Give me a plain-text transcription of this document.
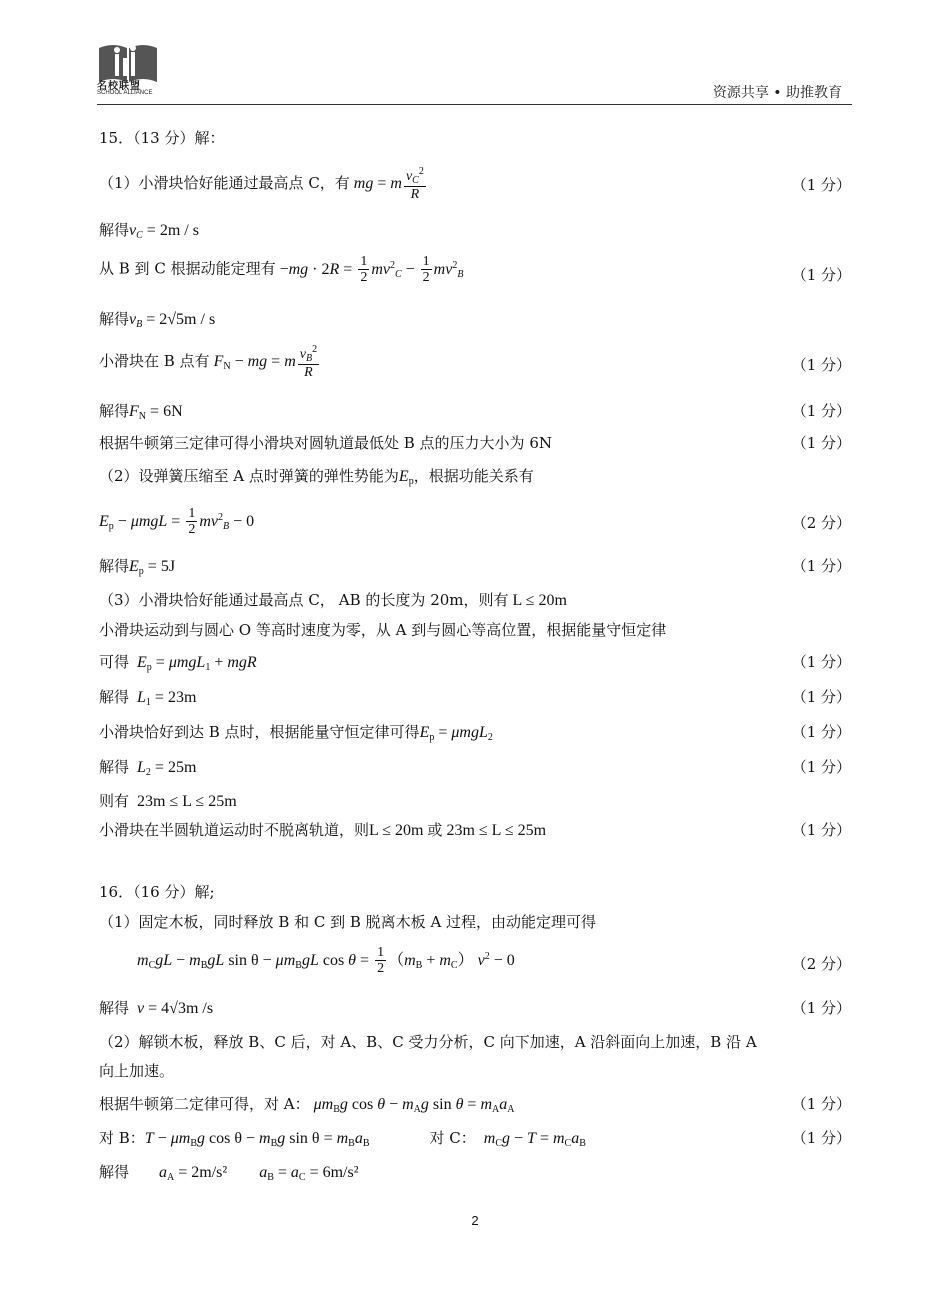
名校联盟
SCHOOL ALLIANCE	资源共享 • 助推教育
15．（13 分）解：
（1）小滑块恰好能通过最高点 C，有 mg = m $\frac{v_C^2}{R}$	（1 分）
解得$v_C = 2m / s$
从 B 到 C 根据动能定理有 $-mg \cdot 2R = \frac{1}{2} mv^2_C - \frac{1}{2} mv^2_B$	（1 分）
解得$v_B = 2√5m / s$
小滑块在 B 点有 $F_N$ − mg = m $\frac{v_B^2}{R}$	（1 分）
解得$F_N = 6N$	（1 分）
根据牛顿第三定律可得小滑块对圆轨道最低处 B 点的压力大小为 6N	（1 分）
（2）设弹簧压缩至 A 点时弹簧的弹性势能为$E_p$，根据功能关系有
$E_p - \mu mgL = \frac{1}{2} mv^2_B - 0$	（2 分）
解得$E_p = 5J$	（1 分）
（3）小滑块恰好能通过最高点 C， AB 的长度为 20m，则有 L ≤ 20m
小滑块运动到与圆心 O 等高时速度为零，从 A 到与圆心等高位置，根据能量守恒定律
可得 $E_p = \mu mgL_1$ + mgR	（1 分）
解得 $L_1 = 23m$	（1 分）
小滑块恰好到达 B 点时，根据能量守恒定律可得$E_p = \mu mgL_2$	（1 分）
解得 $L_2 = 25m$	（1 分）
则有 23m ≤ L ≤ 25m
小滑块在半圆轨道运动时不脱离轨道，则L ≤ 20m 或 23m ≤ L ≤ 25m	（1 分）
16．（16 分）解;
（1）固定木板，同时释放 B 和 C 到 B 脱离木板 A 过程，由动能定理可得
$m_CgL - m_BgL$ $\sin \theta - \mu m_BgL$ $\cos \theta = \frac{1}{2} (m_B + m_C) v^2 - 0$	（2 分）
解得 v = 4√3m /s	（1 分）
（2）解锁木板，释放 B、C 后，对 A、B、C 受力分析，C 向下加速，A 沿斜面向上加速，B 沿 A
向上加速。
根据牛顿第二定律可得，对 A： $\mu m_Bg$ $\cos \theta - m_Ag$ $\sin \theta = m_Aa_A$	（1 分）
对 B：$T - \mu m_Bg$ $\cos \theta - m_Bg$ $\sin \theta = m_Ba_B$	对 C： $m_Cg - T = m_Ca_B$	（1 分）
解得 $a_A = 2m/s^2$ $a_B = a_C = 6m/s^2$
2
